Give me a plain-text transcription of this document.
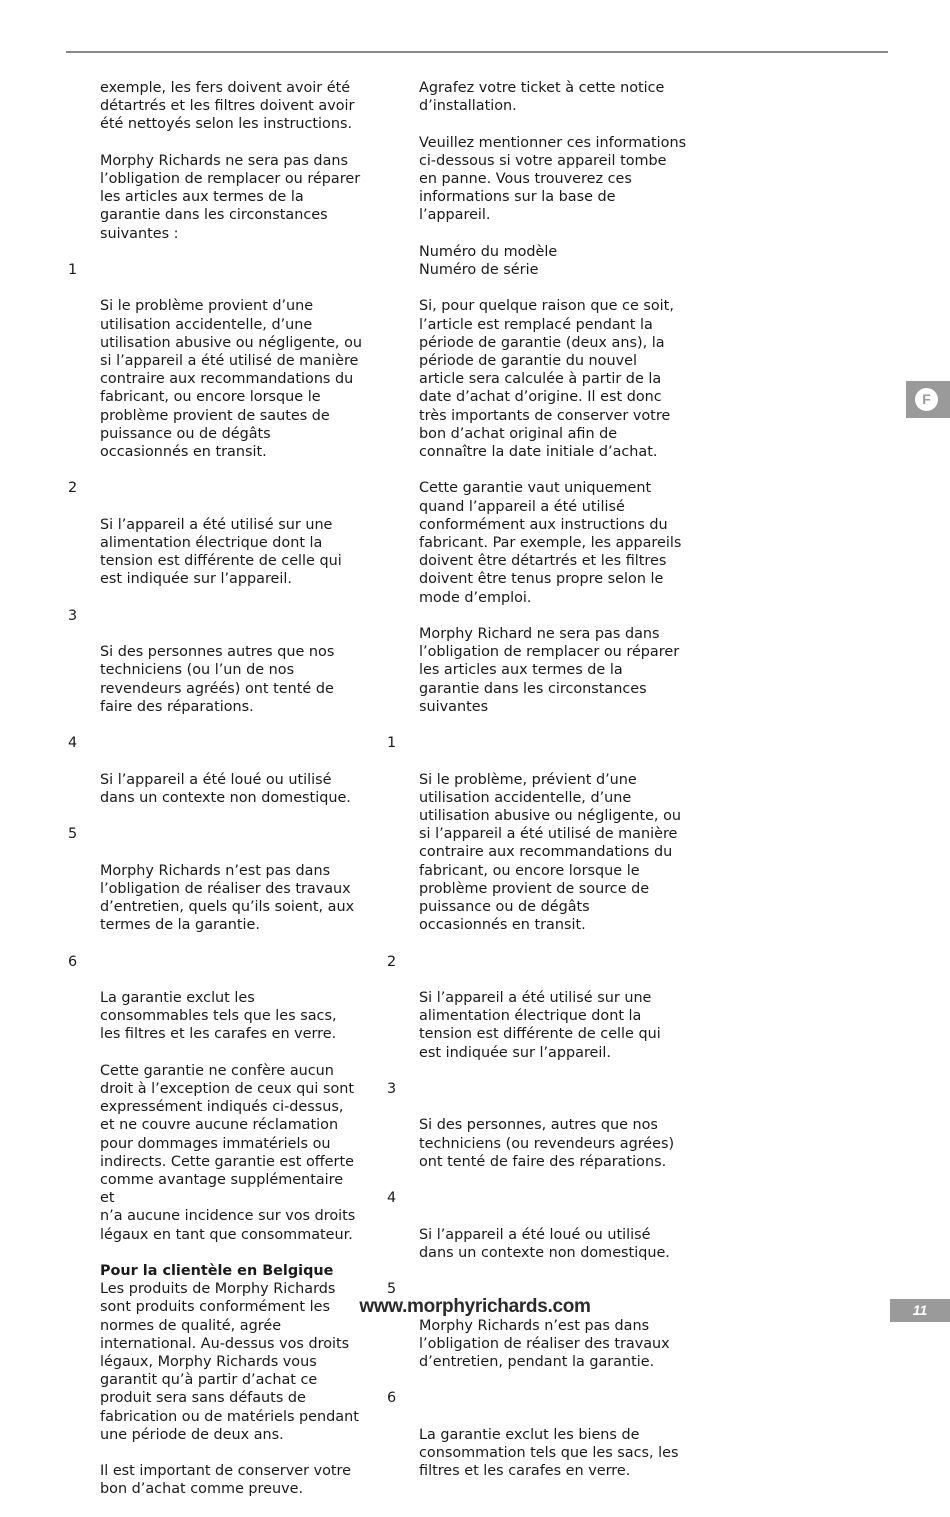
exemple, les fers doivent avoir été
détartrés et les filtres doivent avoir
été nettoyés selon les instructions.

Morphy Richards ne sera pas dans
l’obligation de remplacer ou réparer
les articles aux termes de la
garantie dans les circonstances
suivantes :

1

Si le problème provient d’une
utilisation accidentelle, d’une
utilisation abusive ou négligente, ou
si l’appareil a été utilisé de manière
contraire aux recommandations du
fabricant, ou encore lorsque le
problème provient de sautes de
puissance ou de dégâts
occasionnés en transit.

2

Si l’appareil a été utilisé sur une
alimentation électrique dont la
tension est différente de celle qui
est indiquée sur l’appareil.

3

Si des personnes autres que nos
techniciens (ou l’un de nos
revendeurs agréés) ont tenté de
faire des réparations.

4

Si l’appareil a été loué ou utilisé
dans un contexte non domestique.

5

Morphy Richards n’est pas dans
l’obligation de réaliser des travaux
d’entretien, quels qu’ils soient, aux
termes de la garantie.

6

La garantie exclut les
consommables tels que les sacs,
les filtres et les carafes en verre.

Cette garantie ne confère aucun
droit à l’exception de ceux qui sont
expressément indiqués ci-dessus,
et ne couvre aucune réclamation
pour dommages immatériels ou
indirects. Cette garantie est offerte
comme avantage supplémentaire et
n’a aucune incidence sur vos droits
légaux en tant que consommateur.

Pour la clientèle en Belgique
Les produits de Morphy Richards
sont produits conformément les
normes de qualité, agrée
international. Au-dessus vos droits
légaux, Morphy Richards vous
garantit qu’à partir d’achat ce
produit sera sans défauts de
fabrication ou de matériels pendant
une période de deux ans.

Il est important de conserver votre
bon d’achat comme preuve.

Agrafez votre ticket à cette notice
d’installation.

Veuillez mentionner ces informations
ci-dessous si votre appareil tombe
en panne. Vous trouverez ces
informations sur la base de
l’appareil.

Numéro du modèle
Numéro de série

Si, pour quelque raison que ce soit,
l’article est remplacé pendant la
période de garantie (deux ans), la
période de garantie du nouvel
article sera calculée à partir de la
date d’achat d’origine. Il est donc
très importants de conserver votre
bon d’achat original afin de
connaître la date initiale d’achat.

Cette garantie vaut uniquement
quand l’appareil a été utilisé
conformément aux instructions du
fabricant. Par exemple, les appareils
doivent être détartrés et les filtres
doivent être tenus propre selon le
mode d’emploi.

Morphy Richard ne sera pas dans
l’obligation de remplacer ou réparer
les articles aux termes de la
garantie dans les circonstances
suivantes

1

Si le problème, prévient d’une
utilisation accidentelle, d’une
utilisation abusive ou négligente, ou
si l’appareil a été utilisé de manière
contraire aux recommandations du
fabricant, ou encore lorsque le
problème provient de source de
puissance ou de dégâts
occasionnés en transit.

2

Si l’appareil a été utilisé sur une
alimentation électrique dont la
tension est différente de celle qui
est indiquée sur l’appareil.

3

Si des personnes, autres que nos
techniciens (ou revendeurs agrées)
ont tenté de faire des réparations.

4

Si l’appareil a été loué ou utilisé
dans un contexte non domestique.

5

Morphy Richards n’est pas dans
l’obligation de réaliser des travaux
d’entretien, pendant la garantie.

6

La garantie exclut les biens de
consommation tels que les sacs, les
filtres et les carafes en verre.

F
www.morphyrichards.com	11
